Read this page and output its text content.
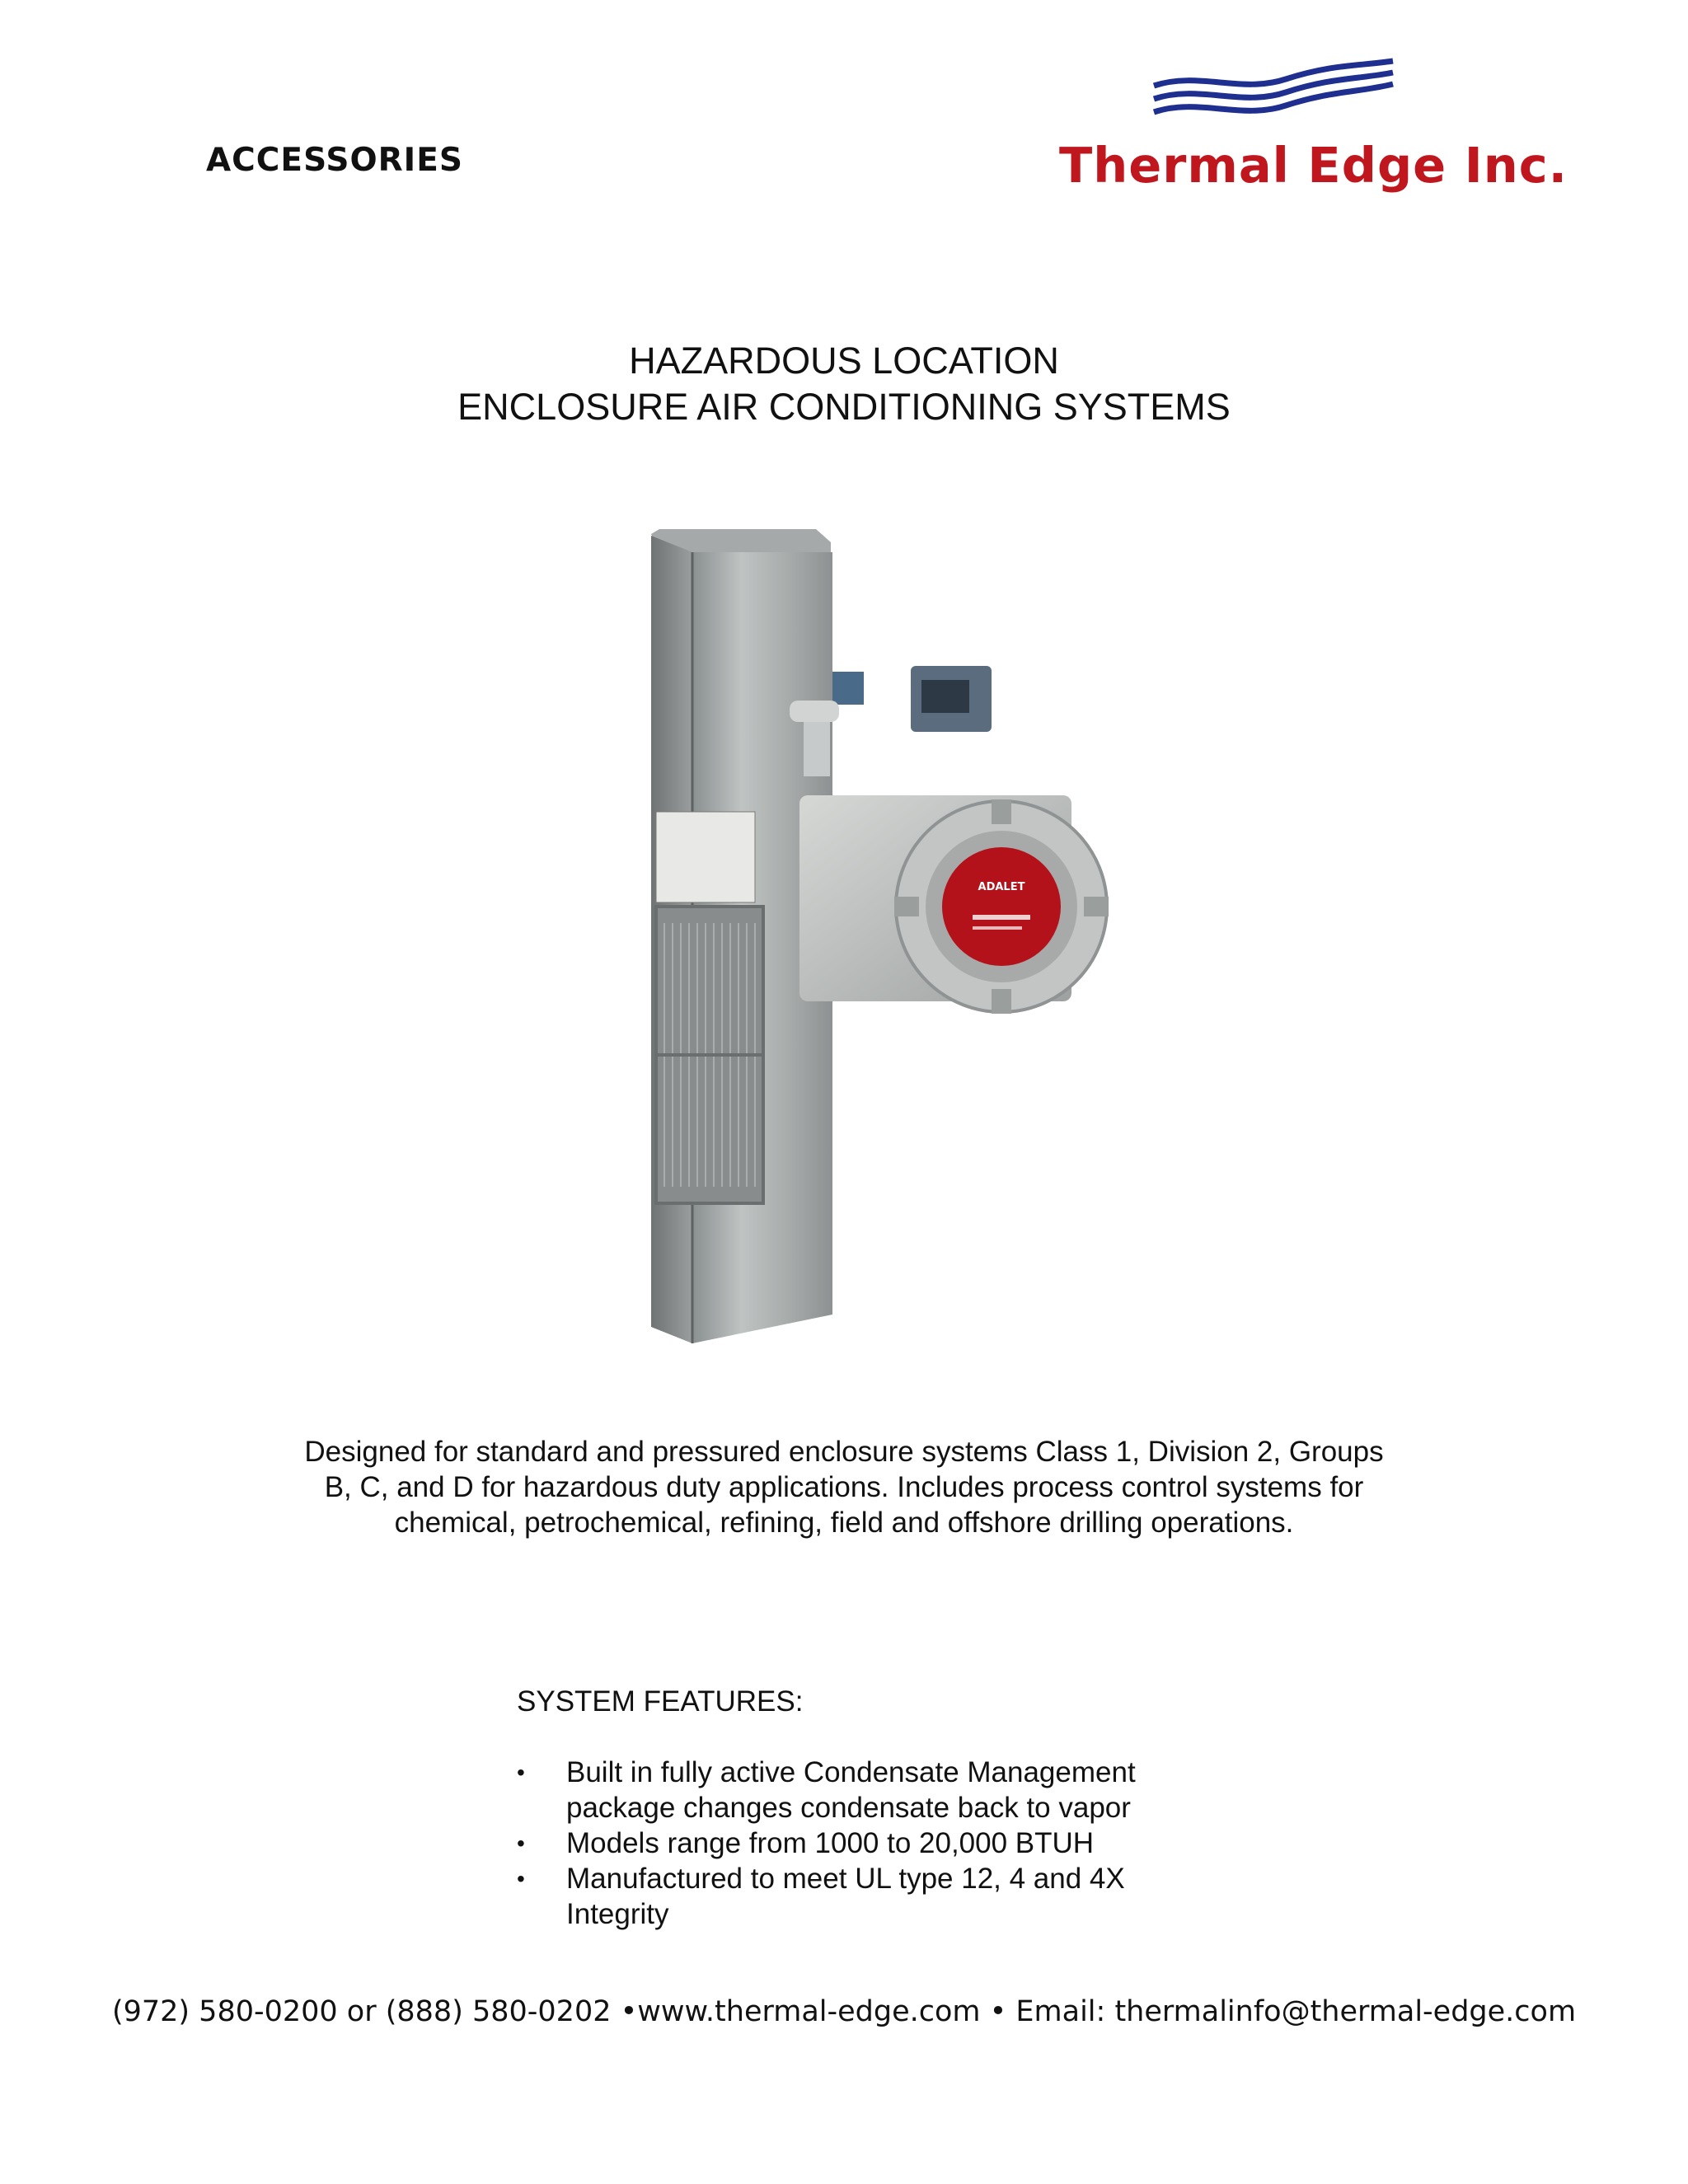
ACCESSORIES	Thermal Edge Inc.
HAZARDOUS LOCATION
ENCLOSURE AIR CONDITIONING SYSTEMS
ADALET
Designed for standard and pressured enclosure systems Class 1, Division 2, Groups
B, C, and D for hazardous duty applications. Includes process control systems for
chemical, petrochemical, refining, field and offshore drilling operations.

SYSTEM FEATURES:

•	Built in fully active Condensate Management
package changes condensate back to vapor
•	Models range from 1000 to 20,000 BTUH
•	Manufactured to meet UL type 12, 4 and 4X
Integrity
(972) 580-0200 or (888) 580-0202 •www.thermal-edge.com • Email: thermalinfo@thermal-edge.com
